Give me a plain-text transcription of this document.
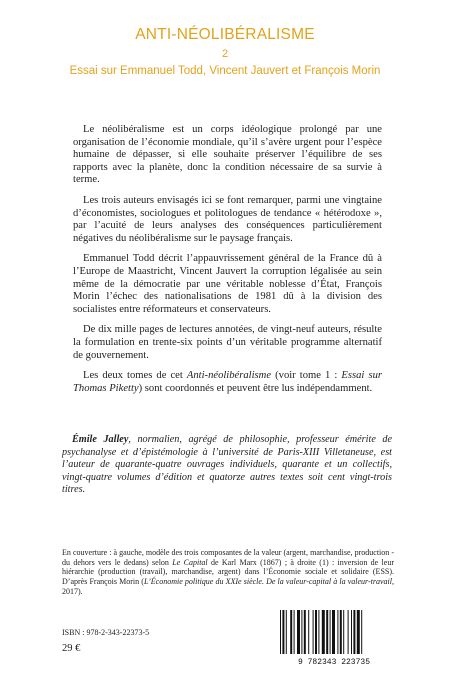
ANTI-NÉOLIBÉRALISME
2
Essai sur Emmanuel Todd, Vincent Jauvert et François Morin

Le néolibéralisme est un corps idéologique prolongé par une organisation de l’économie mondiale, qu’il s’avère urgent pour l’espèce humaine de dépasser, si elle souhaite préserver l’équilibre de ses rapports avec la planète, donc la condition nécessaire de sa survie à terme.

Les trois auteurs envisagés ici se font remarquer, parmi une vingtaine d’économistes, sociologues et politologues de tendance « hétérodoxe », par l’acuité de leurs analyses des conséquences particulièrement négatives du néolibéralisme sur le paysage français.

Emmanuel Todd décrit l’appauvrissement général de la France dû à l’Europe de Maastricht, Vincent Jauvert la corruption légalisée au sein même de la démocratie par une véritable noblesse d’État, François Morin l’échec des nationalisations de 1981 dû à la division des socialistes entre réformateurs et conservateurs.

De dix mille pages de lectures annotées, de vingt-neuf auteurs, résulte la formulation en trente-six points d’un véritable programme alternatif de gouvernement.

Les deux tomes de cet Anti-néolibéralisme (voir tome 1 : Essai sur Thomas Piketty) sont coordonnés et peuvent être lus indépendamment.

Émile Jalley, normalien, agrégé de philosophie, professeur émérite de psychanalyse et d’épistémologie à l’université de Paris-XIII Villetaneuse, est l’auteur de quarante-quatre ouvrages individuels, quarante et un collectifs, vingt-quatre volumes d’édition et quatorze autres textes soit cent vingt-trois titres.
En couverture : à gauche, modèle des trois composantes de la valeur (argent, marchandise, production - du dehors vers le dedans) selon Le Capital de Karl Marx (1867) ; à droite (1) : inversion de leur hiérarchie (production (travail), marchandise, argent) dans l’Économie sociale et solidaire (ESS). D’après François Morin (L’Économie politique du XXIe siècle. De la valeur-capital à la valeur-travail, 2017).
ISBN : 978-2-343-22373-5
29 €
9 782343 223735
